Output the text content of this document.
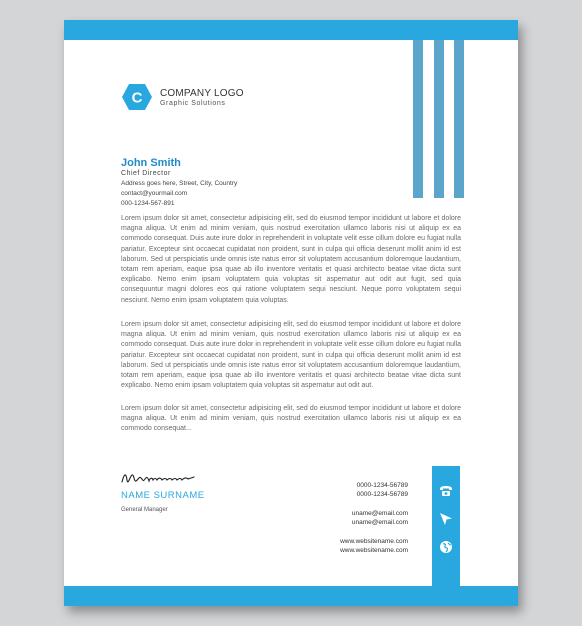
C COMPANY LOGO
Graphic Solutions
John Smith
Chief Director
Address goes here, Street, City, Country
contact@yourmail.com
000-1234-567-891

Lorem ipsum dolor sit amet, consectetur adipisicing elit, sed do eiusmod tempor incididunt ut labore et dolore magna aliqua. Ut enim ad minim veniam, quis nostrud exercitation ullamco laboris nisi ut aliquip ex ea commodo consequat. Duis aute irure dolor in reprehenderit in voluptate velit esse cillum dolore eu fugiat nulla pariatur. Excepteur sint occaecat cupidatat non proident, sunt in culpa qui officia deserunt mollit anim id est laborum. Sed ut perspiciatis unde omnis iste natus error sit voluptatem accusantium doloremque laudantium, totam rem aperiam, eaque ipsa quae ab illo inventore veritatis et quasi architecto beatae vitae dicta sunt explicabo. Nemo enim ipsam voluptatem quia voluptas sit aspernatur aut odit aut fugit, sed quia consequuntur magni dolores eos qui ratione voluptatem sequi nesciunt. Neque porro voluptatem sequi nesciunt. Nemo enim ipsam voluptatem quia voluptas.

Lorem ipsum dolor sit amet, consectetur adipisicing elit, sed do eiusmod tempor incididunt ut labore et dolore magna aliqua. Ut enim ad minim veniam, quis nostrud exercitation ullamco laboris nisi ut aliquip ex ea commodo consequat. Duis aute irure dolor in reprehenderit in voluptate velit esse cillum dolore eu fugiat nulla pariatur. Excepteur sint occaecat cupidatat non proident, sunt in culpa qui officia deserunt mollit anim id est laborum. Sed ut perspiciatis unde omnis iste natus error sit voluptatem accusantium doloremque laudantium, totam rem aperiam, eaque ipsa quae ab illo inventore veritatis et quasi architecto beatae vitae dicta sunt explicabo. Nemo enim ipsam voluptatem quia voluptas sit aspernatur aut odit aut.

Lorem ipsum dolor sit amet, consectetur adipisicing elit, sed do eiusmod tempor incididunt ut labore et dolore magna aliqua. Ut enim ad minim veniam, quis nostrud exercitation ullamco laboris nisi ut aliquip ex ea commodo consequat...

NAME SURNAME
General Manager
0000-1234-56789
0000-1234-56789
uname@email.com
uname@email.com
www.websitename.com
www.websitename.com
